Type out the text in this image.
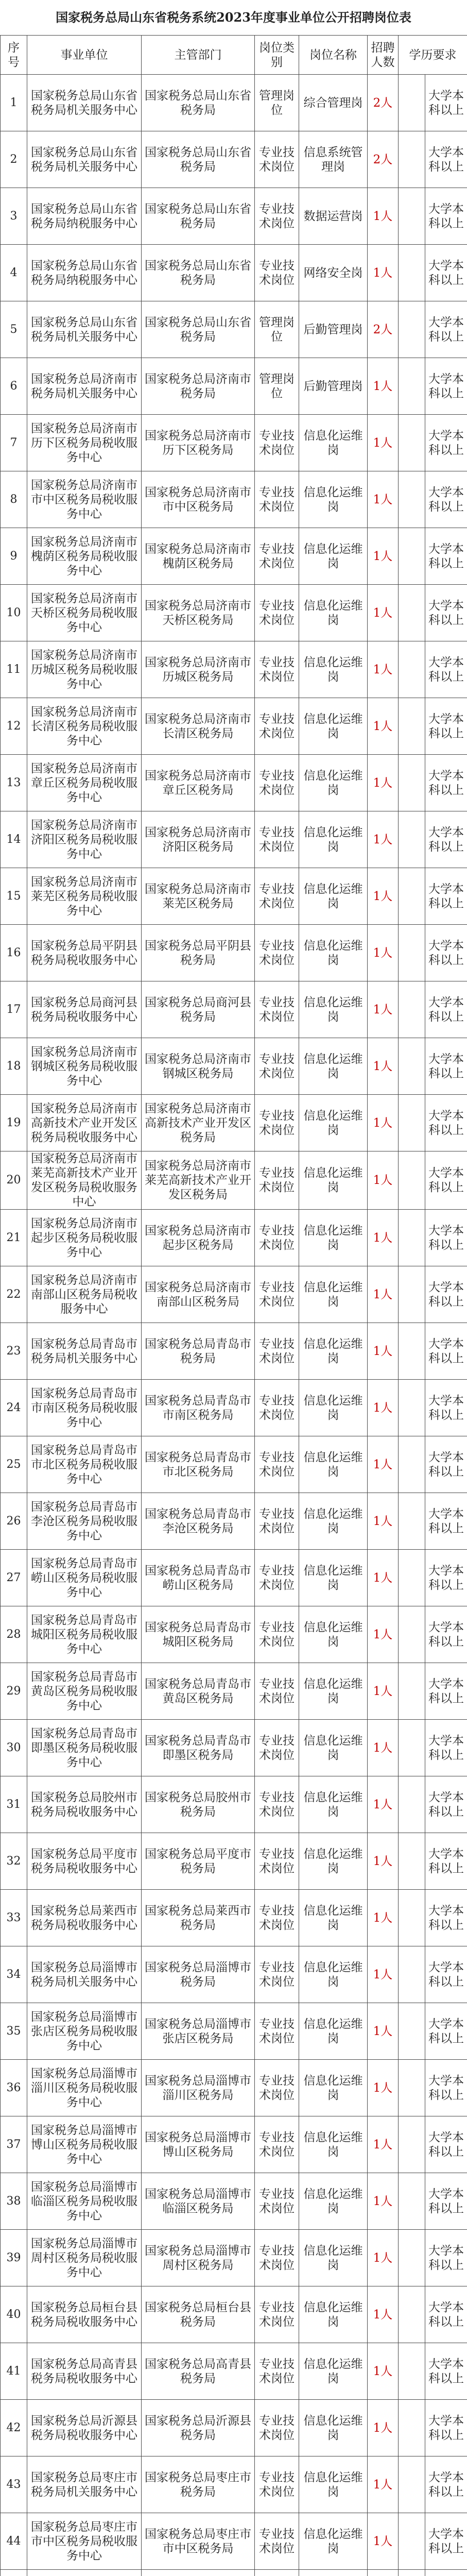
国家税务总局山东省税务系统2023年度事业单位公开招聘岗位表
序号	事业单位	主管部门	岗位类别	岗位名称	招聘人数	学历要求	
1	国家税务总局山东省税务局机关服务中心	国家税务总局山东省税务局	管理岗位	综合管理岗	2人		大学本科以上
2	国家税务总局山东省税务局机关服务中心	国家税务总局山东省税务局	专业技术岗位	信息系统管理岗	2人		大学本科以上
3	国家税务总局山东省税务局纳税服务中心	国家税务总局山东省税务局	专业技术岗位	数据运营岗	1人		大学本科以上
4	国家税务总局山东省税务局纳税服务中心	国家税务总局山东省税务局	专业技术岗位	网络安全岗	1人		大学本科以上
5	国家税务总局山东省税务局机关服务中心	国家税务总局山东省税务局	管理岗位	后勤管理岗	2人		大学本科以上
6	国家税务总局济南市税务局机关服务中心	国家税务总局济南市税务局	管理岗位	后勤管理岗	1人		大学本科以上
7	国家税务总局济南市历下区税务局税收服务中心	国家税务总局济南市历下区税务局	专业技术岗位	信息化运维岗	1人		大学本科以上
8	国家税务总局济南市市中区税务局税收服务中心	国家税务总局济南市市中区税务局	专业技术岗位	信息化运维岗	1人		大学本科以上
9	国家税务总局济南市槐荫区税务局税收服务中心	国家税务总局济南市槐荫区税务局	专业技术岗位	信息化运维岗	1人		大学本科以上
10	国家税务总局济南市天桥区税务局税收服务中心	国家税务总局济南市天桥区税务局	专业技术岗位	信息化运维岗	1人		大学本科以上
11	国家税务总局济南市历城区税务局税收服务中心	国家税务总局济南市历城区税务局	专业技术岗位	信息化运维岗	1人		大学本科以上
12	国家税务总局济南市长清区税务局税收服务中心	国家税务总局济南市长清区税务局	专业技术岗位	信息化运维岗	1人		大学本科以上
13	国家税务总局济南市章丘区税务局税收服务中心	国家税务总局济南市章丘区税务局	专业技术岗位	信息化运维岗	1人		大学本科以上
14	国家税务总局济南市济阳区税务局税收服务中心	国家税务总局济南市济阳区税务局	专业技术岗位	信息化运维岗	1人		大学本科以上
15	国家税务总局济南市莱芜区税务局税收服务中心	国家税务总局济南市莱芜区税务局	专业技术岗位	信息化运维岗	1人		大学本科以上
16	国家税务总局平阴县税务局税收服务中心	国家税务总局平阴县税务局	专业技术岗位	信息化运维岗	1人		大学本科以上
17	国家税务总局商河县税务局税收服务中心	国家税务总局商河县税务局	专业技术岗位	信息化运维岗	1人		大学本科以上
18	国家税务总局济南市钢城区税务局税收服务中心	国家税务总局济南市钢城区税务局	专业技术岗位	信息化运维岗	1人		大学本科以上
19	国家税务总局济南市高新技术产业开发区税务局税收服务中心	国家税务总局济南市高新技术产业开发区税务局	专业技术岗位	信息化运维岗	1人		大学本科以上
20	国家税务总局济南市莱芜高新技术产业开发区税务局税收服务中心	国家税务总局济南市莱芜高新技术产业开发区税务局	专业技术岗位	信息化运维岗	1人		大学本科以上
21	国家税务总局济南市起步区税务局税收服务中心	国家税务总局济南市起步区税务局	专业技术岗位	信息化运维岗	1人		大学本科以上
22	国家税务总局济南市南部山区税务局税收服务中心	国家税务总局济南市南部山区税务局	专业技术岗位	信息化运维岗	1人		大学本科以上
23	国家税务总局青岛市税务局机关服务中心	国家税务总局青岛市税务局	专业技术岗位	信息化运维岗	1人		大学本科以上
24	国家税务总局青岛市市南区税务局税收服务中心	国家税务总局青岛市市南区税务局	专业技术岗位	信息化运维岗	1人		大学本科以上
25	国家税务总局青岛市市北区税务局税收服务中心	国家税务总局青岛市市北区税务局	专业技术岗位	信息化运维岗	1人		大学本科以上
26	国家税务总局青岛市李沧区税务局税收服务中心	国家税务总局青岛市李沧区税务局	专业技术岗位	信息化运维岗	1人		大学本科以上
27	国家税务总局青岛市崂山区税务局税收服务中心	国家税务总局青岛市崂山区税务局	专业技术岗位	信息化运维岗	1人		大学本科以上
28	国家税务总局青岛市城阳区税务局税收服务中心	国家税务总局青岛市城阳区税务局	专业技术岗位	信息化运维岗	1人		大学本科以上
29	国家税务总局青岛市黄岛区税务局税收服务中心	国家税务总局青岛市黄岛区税务局	专业技术岗位	信息化运维岗	1人		大学本科以上
30	国家税务总局青岛市即墨区税务局税收服务中心	国家税务总局青岛市即墨区税务局	专业技术岗位	信息化运维岗	1人		大学本科以上
31	国家税务总局胶州市税务局税收服务中心	国家税务总局胶州市税务局	专业技术岗位	信息化运维岗	1人		大学本科以上
32	国家税务总局平度市税务局税收服务中心	国家税务总局平度市税务局	专业技术岗位	信息化运维岗	1人		大学本科以上
33	国家税务总局莱西市税务局税收服务中心	国家税务总局莱西市税务局	专业技术岗位	信息化运维岗	1人		大学本科以上
34	国家税务总局淄博市税务局机关服务中心	国家税务总局淄博市税务局	专业技术岗位	信息化运维岗	1人		大学本科以上
35	国家税务总局淄博市张店区税务局税收服务中心	国家税务总局淄博市张店区税务局	专业技术岗位	信息化运维岗	1人		大学本科以上
36	国家税务总局淄博市淄川区税务局税收服务中心	国家税务总局淄博市淄川区税务局	专业技术岗位	信息化运维岗	1人		大学本科以上
37	国家税务总局淄博市博山区税务局税收服务中心	国家税务总局淄博市博山区税务局	专业技术岗位	信息化运维岗	1人		大学本科以上
38	国家税务总局淄博市临淄区税务局税收服务中心	国家税务总局淄博市临淄区税务局	专业技术岗位	信息化运维岗	1人		大学本科以上
39	国家税务总局淄博市周村区税务局税收服务中心	国家税务总局淄博市周村区税务局	专业技术岗位	信息化运维岗	1人		大学本科以上
40	国家税务总局桓台县税务局税收服务中心	国家税务总局桓台县税务局	专业技术岗位	信息化运维岗	1人		大学本科以上
41	国家税务总局高青县税务局税收服务中心	国家税务总局高青县税务局	专业技术岗位	信息化运维岗	1人		大学本科以上
42	国家税务总局沂源县税务局税收服务中心	国家税务总局沂源县税务局	专业技术岗位	信息化运维岗	1人		大学本科以上
43	国家税务总局枣庄市税务局机关服务中心	国家税务总局枣庄市税务局	专业技术岗位	信息化运维岗	1人		大学本科以上
44	国家税务总局枣庄市市中区税务局税收服务中心	国家税务总局枣庄市市中区税务局	专业技术岗位	信息化运维岗	1人		大学本科以上
